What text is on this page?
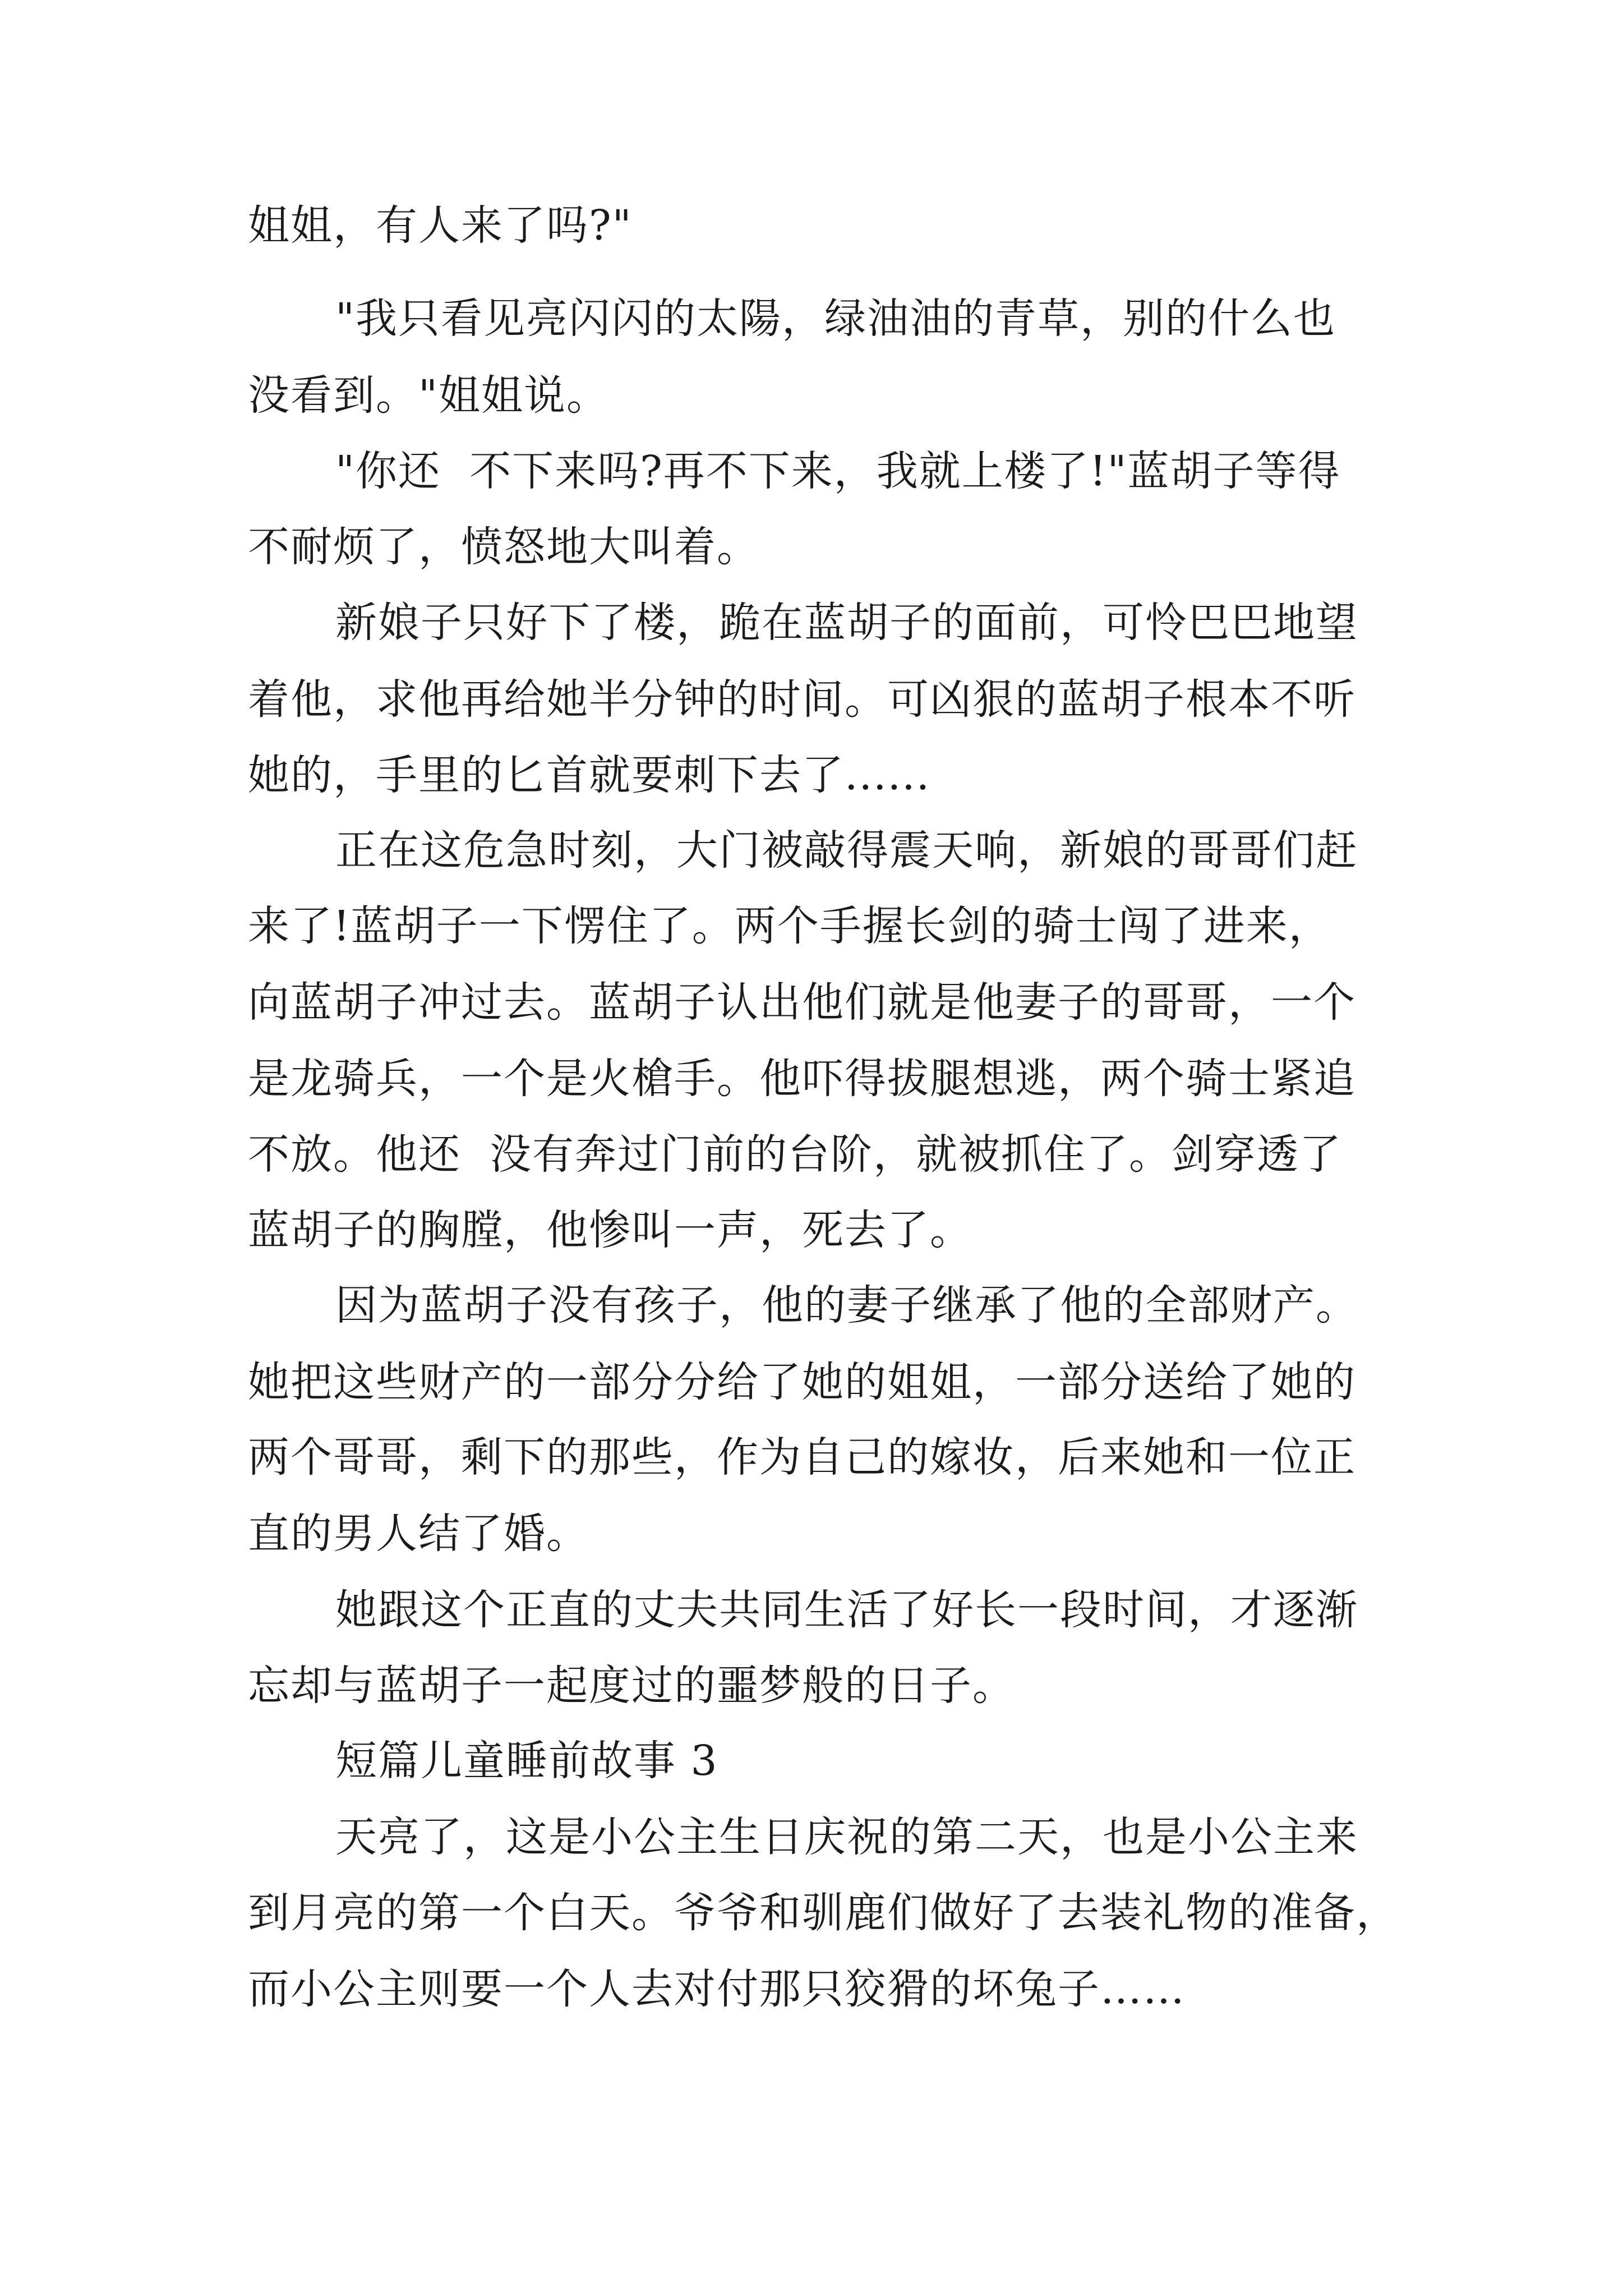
姐姐，有人来了吗?"

"我只看见亮闪闪的太陽，绿油油的青草，别的什么也

没看到。"姐姐说。

"你还  不下来吗?再不下来，我就上楼了!"蓝胡子等得

不耐烦了，愤怒地大叫着。

新娘子只好下了楼，跪在蓝胡子的面前，可怜巴巴地望

着他，求他再给她半分钟的时间。可凶狠的蓝胡子根本不听

她的，手里的匕首就要刺下去了......

正在这危急时刻，大门被敲得震天响，新娘的哥哥们赶

来了!蓝胡子一下愣住了。两个手握长剑的骑士闯了进来，

向蓝胡子冲过去。蓝胡子认出他们就是他妻子的哥哥，一个

是龙骑兵，一个是火槍手。他吓得拔腿想逃，两个骑士紧追

不放。他还  没有奔过门前的台阶，就被抓住了。剑穿透了

蓝胡子的胸膛，他惨叫一声，死去了。

因为蓝胡子没有孩子，他的妻子继承了他的全部财产。

她把这些财产的一部分分给了她的姐姐，一部分送给了她的

两个哥哥，剩下的那些，作为自己的嫁妆，后来她和一位正

直的男人结了婚。

她跟这个正直的丈夫共同生活了好长一段时间，才逐渐

忘却与蓝胡子一起度过的噩梦般的日子。

短篇儿童睡前故事 3

天亮了，这是小公主生日庆祝的第二天，也是小公主来

到月亮的第一个白天。爷爷和驯鹿们做好了去装礼物的准备，

而小公主则要一个人去对付那只狡猾的坏兔子……
